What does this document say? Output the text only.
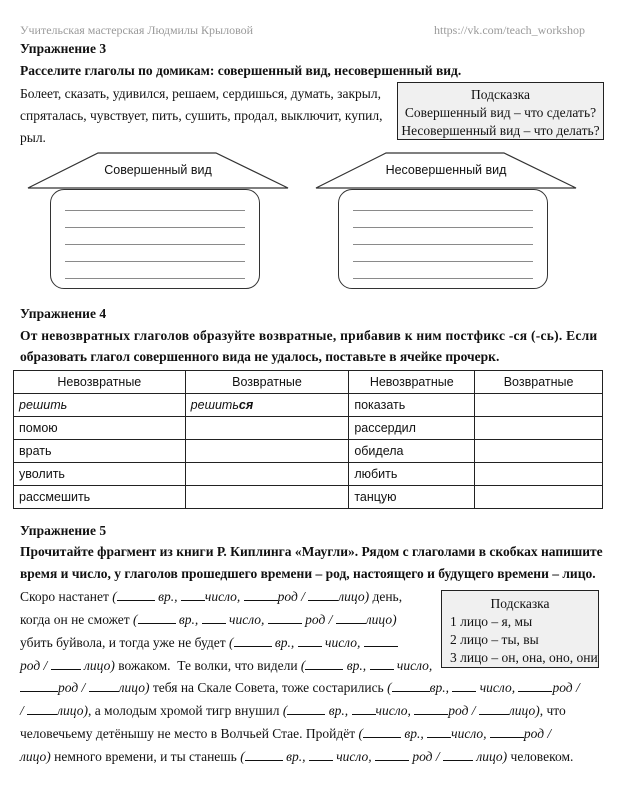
Учительская мастерская Людмилы Крыловой	https://vk.com/teach_workshop
Упражнение 3
Расселите глаголы по домикам: совершенный вид, несовершенный вид.
Болеет, сказать, удивился, решаем, сердишься, думать, закрыл,
спряталась, чувствует, пить, сушить, продал, выключит, купил,
рыл.
Подсказка
Совершенный вид – что сделать?
Несовершенный вид – что делать?
Совершенный вид	Несовершенный вид
Упражнение 4
От невозвратных глаголов образуйте возвратные, прибавив к ним постфикс -ся (-сь). Если
образовать глагол совершенного вида не удалось, поставьте в ячейке прочерк.
Невозвратные	Возвратные	Невозвратные	Возвратные
решить	решиться	показать	
помою		рассердил	
врать		обидела	
уволить		любить	
рассмешить		танцую	
Упражнение 5
Прочитайте фрагмент из книги Р. Киплинга «Маугли». Рядом с глаголами в скобках напишите
время и число, у глаголов прошедшего времени – род, настоящего и будущего времени – лицо.
Подсказка
1 лицо – я, мы
2 лицо – ты, вы
3 лицо – он, она, оно, они
Скоро настанет (	вр., число,	род / лицо) день,
когда он не сможет (	вр., число,	род / лицо)
убить буйвола, и тогда уже не будет (	вр., число,
род /	лицо) вожаком. Те волки, что видели (	вр., число,
род / лицо) тебя на Скале Совета, тоже состарились (	вр., число,	род /
/ лицо), а молодым хромой тигр внушил (	вр., число,	род / лицо), что
человечьему детёнышу не место в Волчьей Стае. Пройдёт (	вр., число,	род /
лицо) немного времени, и ты станешь (	вр., число,	род /	лицо) человеком.
